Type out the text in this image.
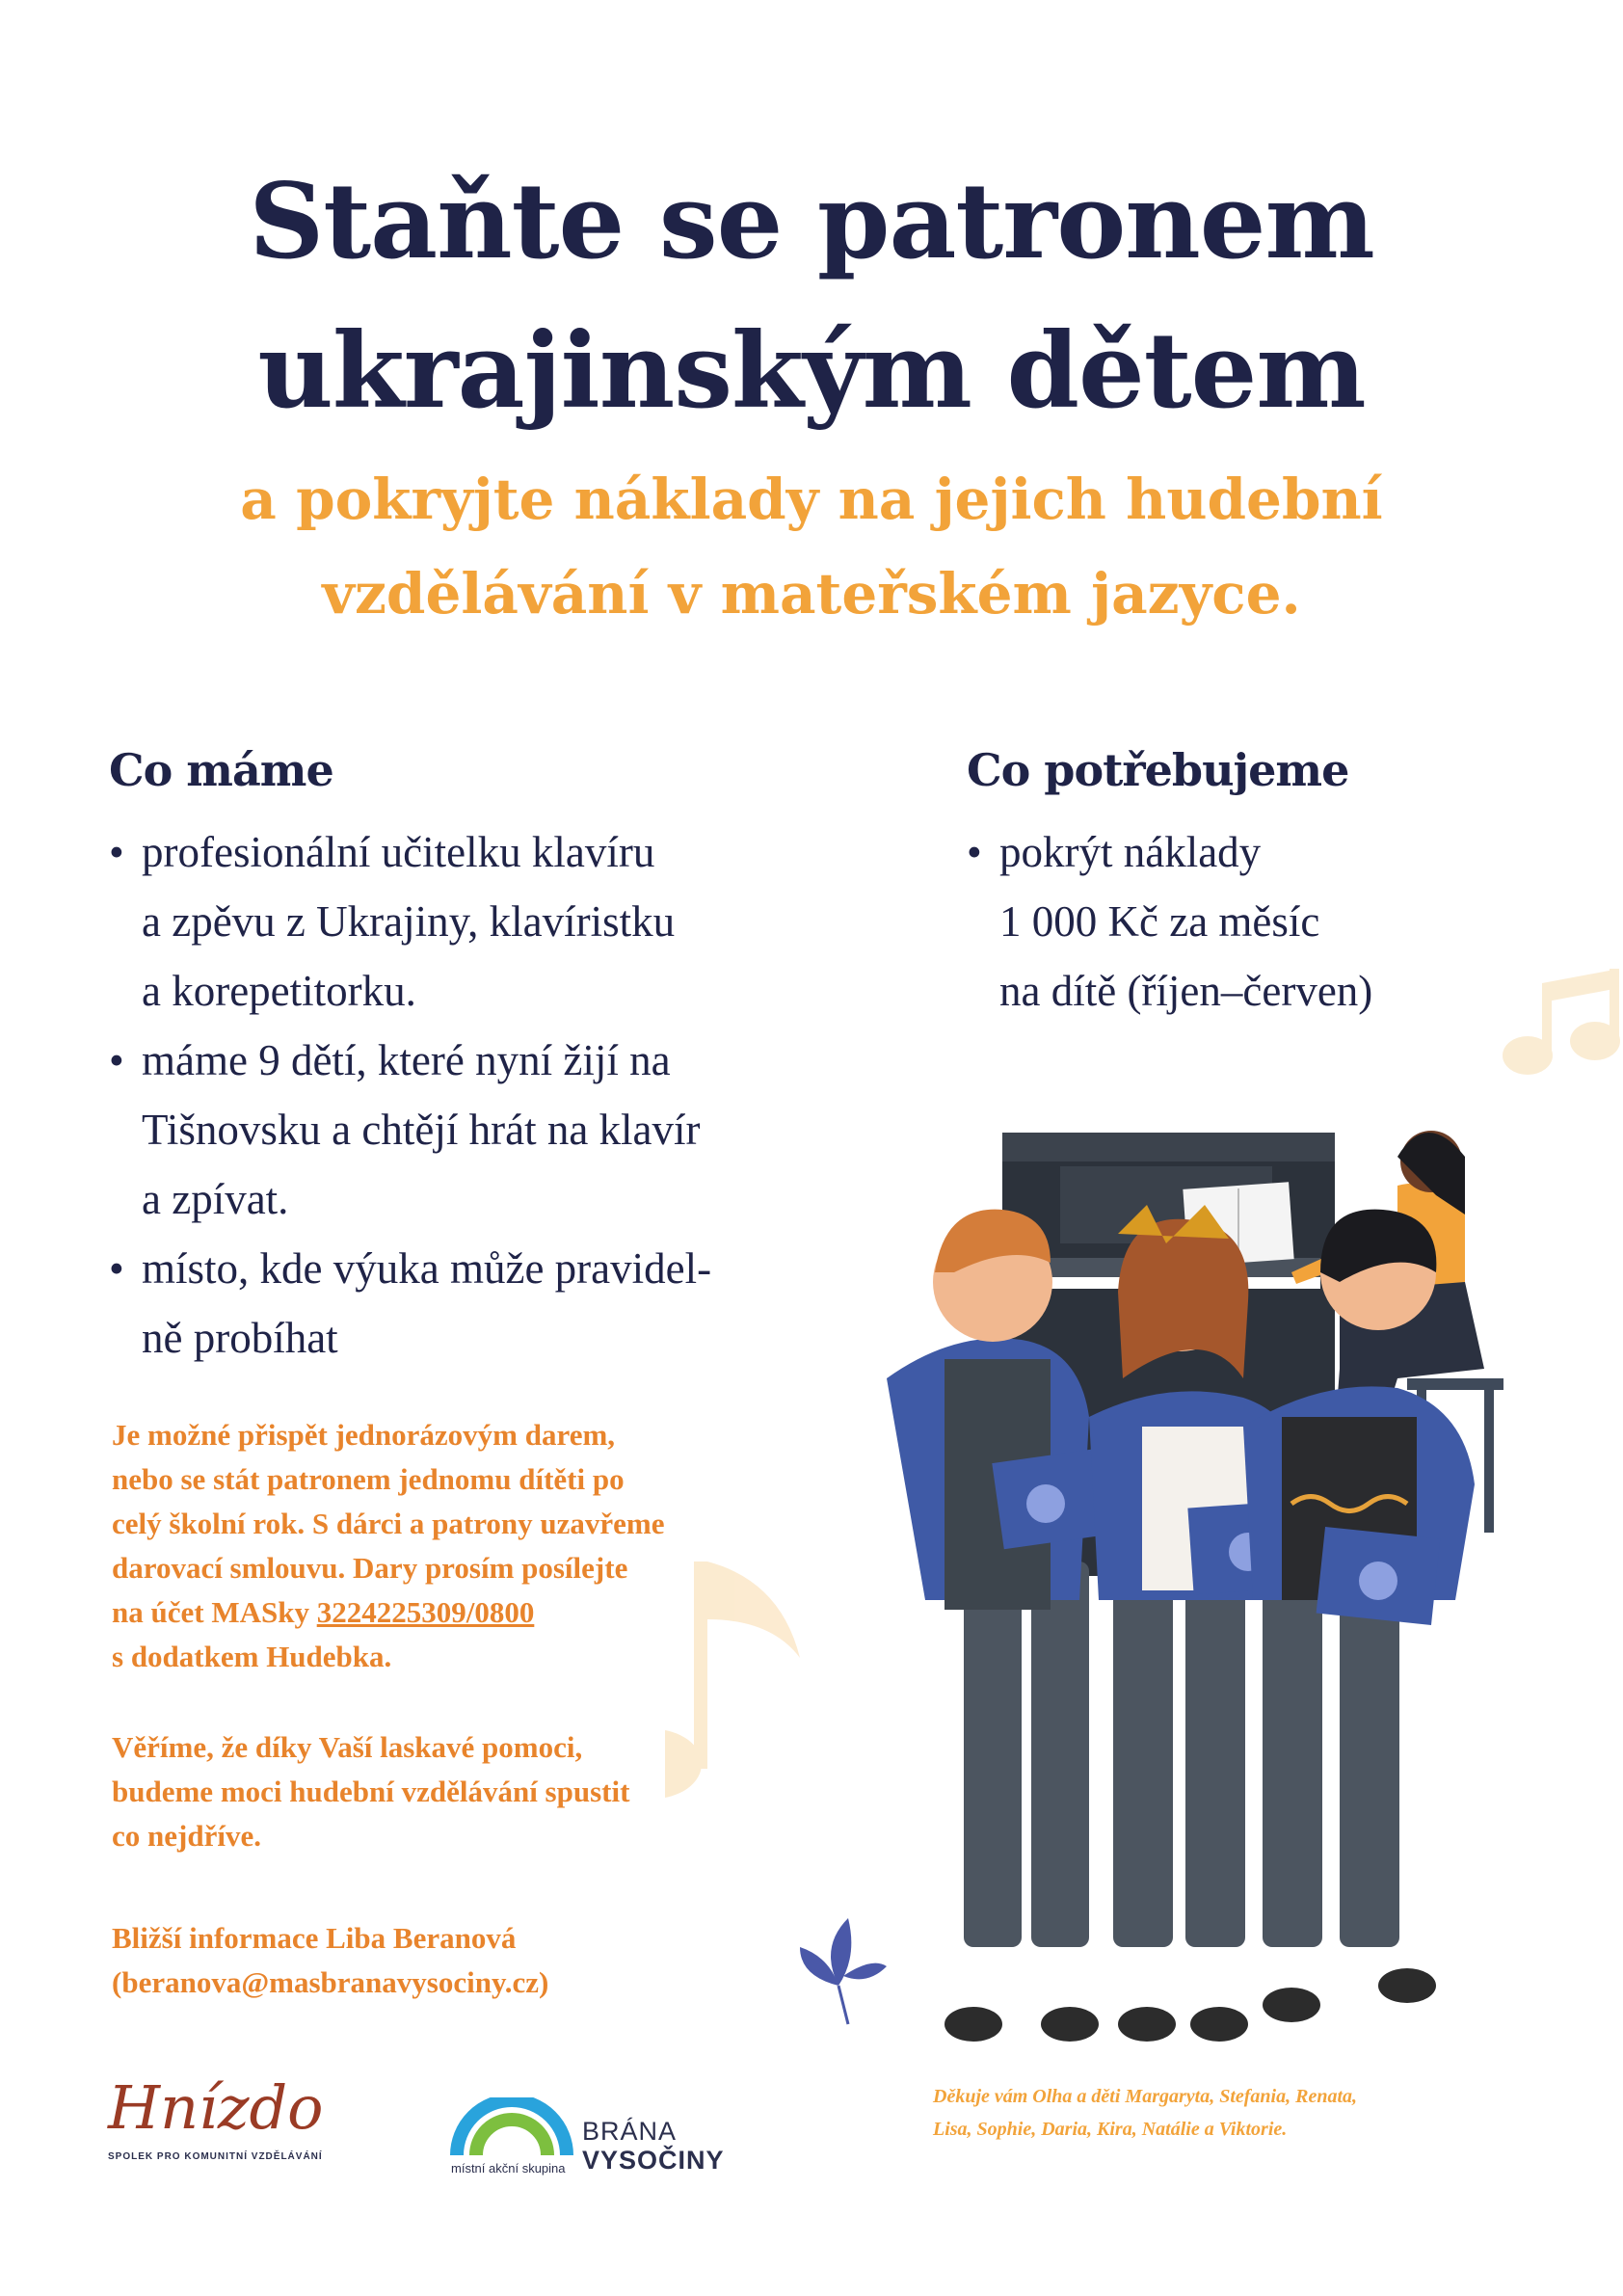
Staňte se patronem
ukrajinským dětem
a pokryjte náklady na jejich hudební
vzdělávání v mateřském jazyce.
Co máme
• profesionální učitelku klavíru
a zpěvu z Ukrajiny, klavíristku
a korepetitorku.
• máme 9 dětí, které nyní žijí na
Tišnovsku a chtějí hrát na klavír
a zpívat.
• místo, kde výuka může pravidel-
ně probíhat
Co potřebujeme
• pokrýt náklady
1 000 Kč za měsíc
na dítě (říjen–červen)
Je možné přispět jednorázovým darem,
nebo se stát patronem jednomu dítěti po
celý školní rok. S dárci a patrony uzavřeme
darovací smlouvu. Dary prosím posílejte
na účet MASky 3224225309/0800
s dodatkem Hudebka.
Věříme, že díky Vaší laskavé pomoci,
budeme moci hudební vzdělávání spustit
co nejdříve.
Bližší informace Liba Beranová
(beranova@masbranavysociny.cz)
Hnízdo
SPOLEK PRO KOMUNITNÍ VZDĚLÁVÁNÍ
místní akční skupina
BRÁNA
VYSOČINY
Děkuje vám Olha a děti Margaryta, Stefania, Renata,
Lisa, Sophie, Daria, Kira, Natálie a Viktorie.
